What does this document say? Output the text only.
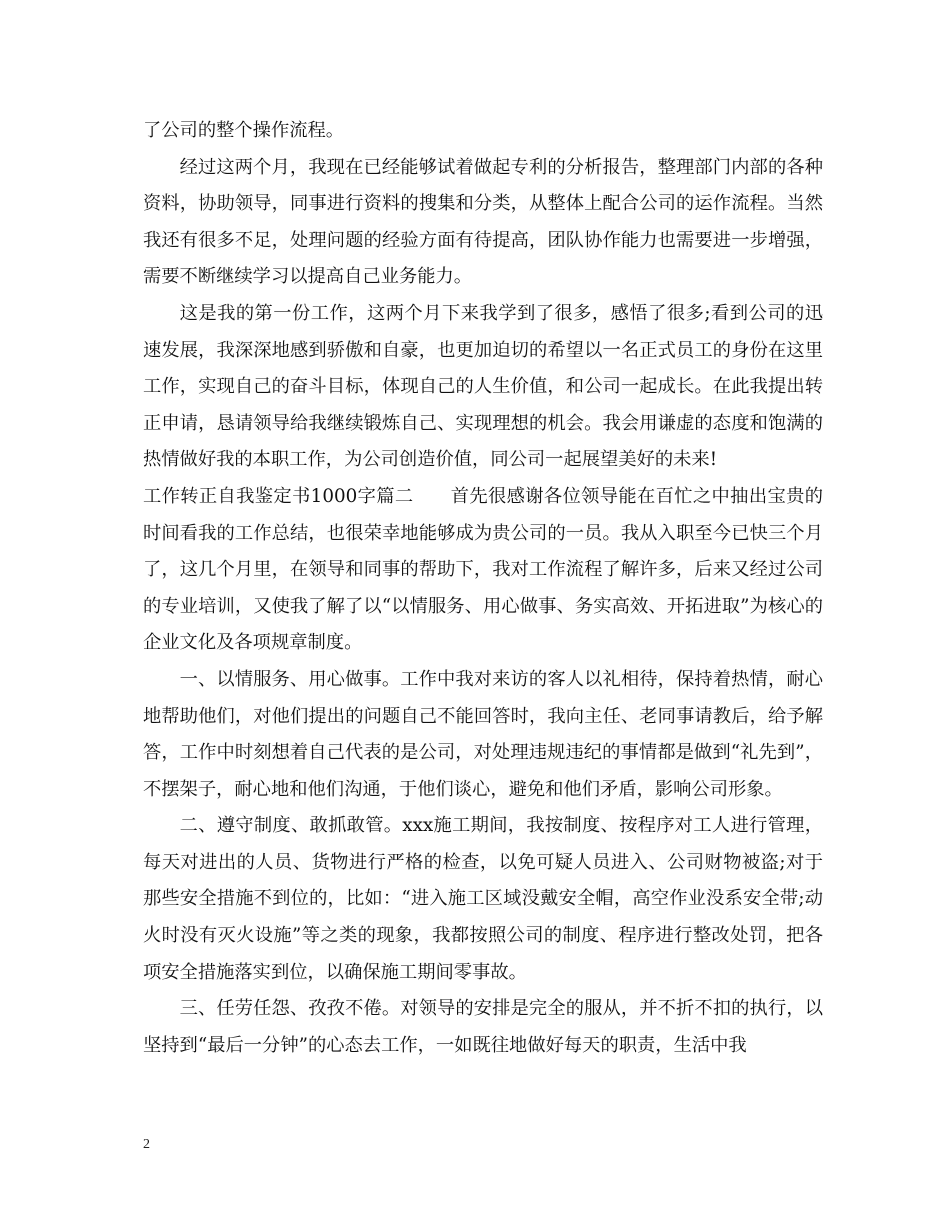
了公司的整个操作流程。

经过这两个月，我现在已经能够试着做起专利的分析报告，整理部门内部的各种资料，协助领导，同事进行资料的搜集和分类，从整体上配合公司的运作流程。当然我还有很多不足，处理问题的经验方面有待提高，团队协作能力也需要进一步增强，需要不断继续学习以提高自己业务能力。

这是我的第一份工作，这两个月下来我学到了很多，感悟了很多;看到公司的迅速发展，我深深地感到骄傲和自豪，也更加迫切的希望以一名正式员工的身份在这里工作，实现自己的奋斗目标，体现自己的人生价值，和公司一起成长。在此我提出转正申请，恳请领导给我继续锻炼自己、实现理想的机会。我会用谦虚的态度和饱满的热情做好我的本职工作，为公司创造价值，同公司一起展望美好的未来!

工作转正自我鉴定书1000字篇二　　首先很感谢各位领导能在百忙之中抽出宝贵的时间看我的工作总结，也很荣幸地能够成为贵公司的一员。我从入职至今已快三个月了，这几个月里，在领导和同事的帮助下，我对工作流程了解许多，后来又经过公司的专业培训，又使我了解了以“以情服务、用心做事、务实高效、开拓进取”为核心的企业文化及各项规章制度。

一、以情服务、用心做事。工作中我对来访的客人以礼相待，保持着热情，耐心地帮助他们，对他们提出的问题自己不能回答时，我向主任、老同事请教后，给予解答，工作中时刻想着自己代表的是公司，对处理违规违纪的事情都是做到“礼先到”，不摆架子，耐心地和他们沟通，于他们谈心，避免和他们矛盾，影响公司形象。

二、遵守制度、敢抓敢管。xxx施工期间，我按制度、按程序对工人进行管理，每天对进出的人员、货物进行严格的检查，以免可疑人员进入、公司财物被盗;对于那些安全措施不到位的，比如：“进入施工区域没戴安全帽，高空作业没系安全带;动火时没有灭火设施”等之类的现象，我都按照公司的制度、程序进行整改处罚，把各项安全措施落实到位，以确保施工期间零事故。

三、任劳任怨、孜孜不倦。对领导的安排是完全的服从，并不折不扣的执行，以坚持到“最后一分钟”的心态去工作，一如既往地做好每天的职责，生活中我

2
